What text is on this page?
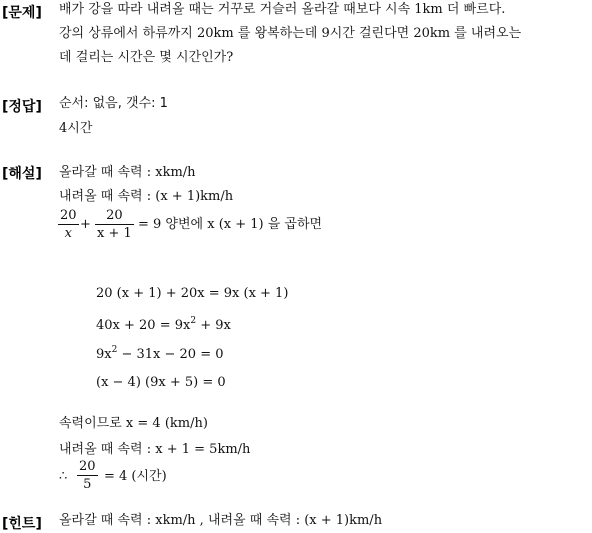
[문제] 배가 강을 따라 내려올 때는 거꾸로 거슬러 올라갈 때보다 시속 1km 더 빠르다.
강의 상류에서 하류까지 20km 를 왕복하는데 9시간 걸린다면 20km 를 내려오는
데 걸리는 시간은 몇 시간인가?
[정답] 순서: 없음, 갯수: 1
4시간
[해설] 올라갈 때 속력 : xkm/h
내려올 때 속력 : (x + 1)km/h
20
x
+
20
x + 1
= 9 양변에 x (x + 1) 을 곱하면
20 (x + 1) + 20x = 9x (x + 1)
$40x + 20 = 9x^2 + 9x$
$9x^2 - 31x - 20 = 0$
(x − 4) (9x + 5) = 0
속력이므로 x = 4 (km/h)
내려올 때 속력 : x + 1 = 5km/h
∴
20
5
= 4 (시간)
[힌트] 올라갈 때 속력 : xkm/h , 내려올 때 속력 : (x + 1)km/h
